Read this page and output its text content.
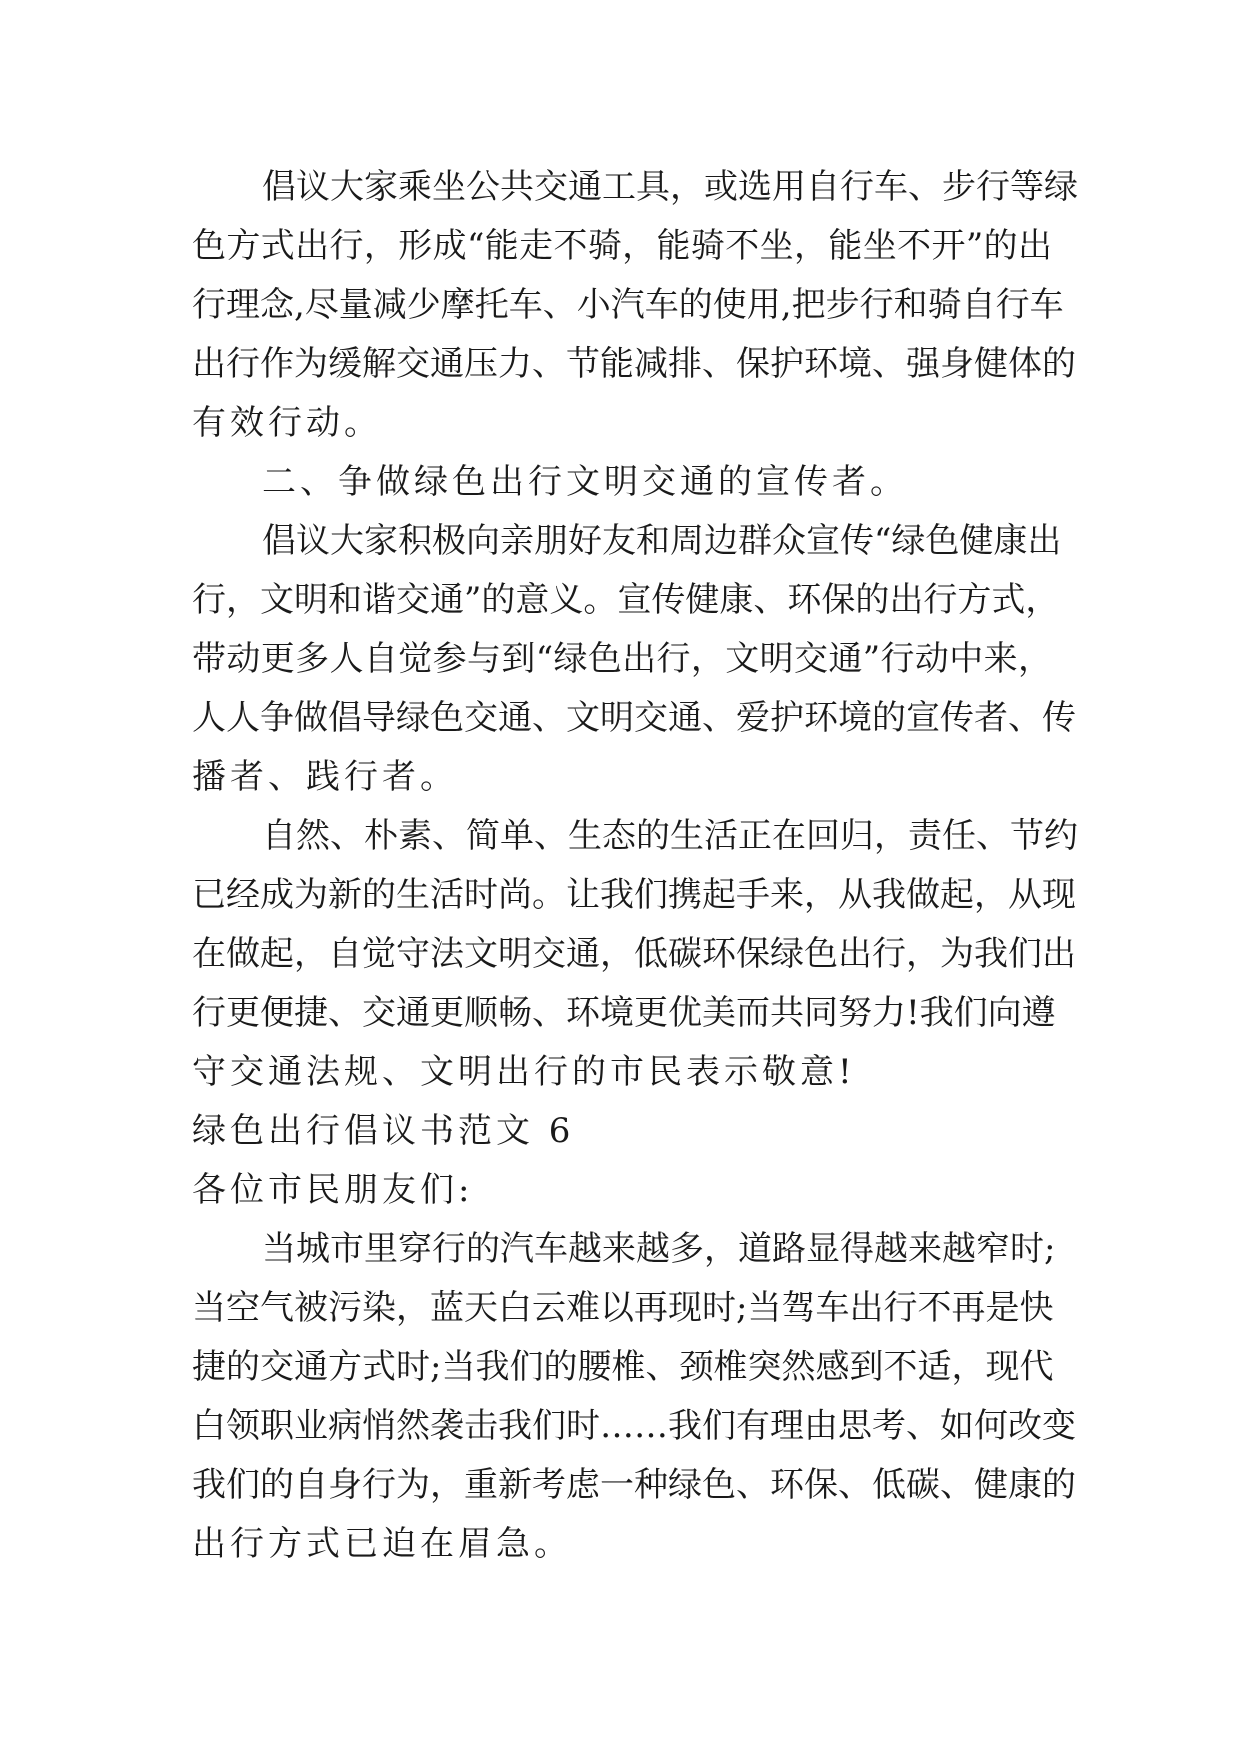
倡议大家乘坐公共交通工具，或选用自行车、步行等绿
色方式出行，形成“能走不骑，能骑不坐，能坐不开”的出
行理念,尽量减少摩托车、小汽车的使用,把步行和骑自行车
出行作为缓解交通压力、节能减排、保护环境、强身健体的
有效行动。
二、争做绿色出行文明交通的宣传者。
倡议大家积极向亲朋好友和周边群众宣传“绿色健康出
行，文明和谐交通”的意义。宣传健康、环保的出行方式，
带动更多人自觉参与到“绿色出行，文明交通”行动中来，
人人争做倡导绿色交通、文明交通、爱护环境的宣传者、传
播者、践行者。
自然、朴素、简单、生态的生活正在回归，责任、节约
已经成为新的生活时尚。让我们携起手来，从我做起，从现
在做起，自觉守法文明交通，低碳环保绿色出行，为我们出
行更便捷、交通更顺畅、环境更优美而共同努力!我们向遵
守交通法规、文明出行的市民表示敬意!
绿色出行倡议书范文 6
各位市民朋友们:
当城市里穿行的汽车越来越多，道路显得越来越窄时;
当空气被污染，蓝天白云难以再现时;当驾车出行不再是快
捷的交通方式时;当我们的腰椎、颈椎突然感到不适，现代
白领职业病悄然袭击我们时……我们有理由思考、如何改变
我们的自身行为，重新考虑一种绿色、环保、低碳、健康的
出行方式已迫在眉急。
